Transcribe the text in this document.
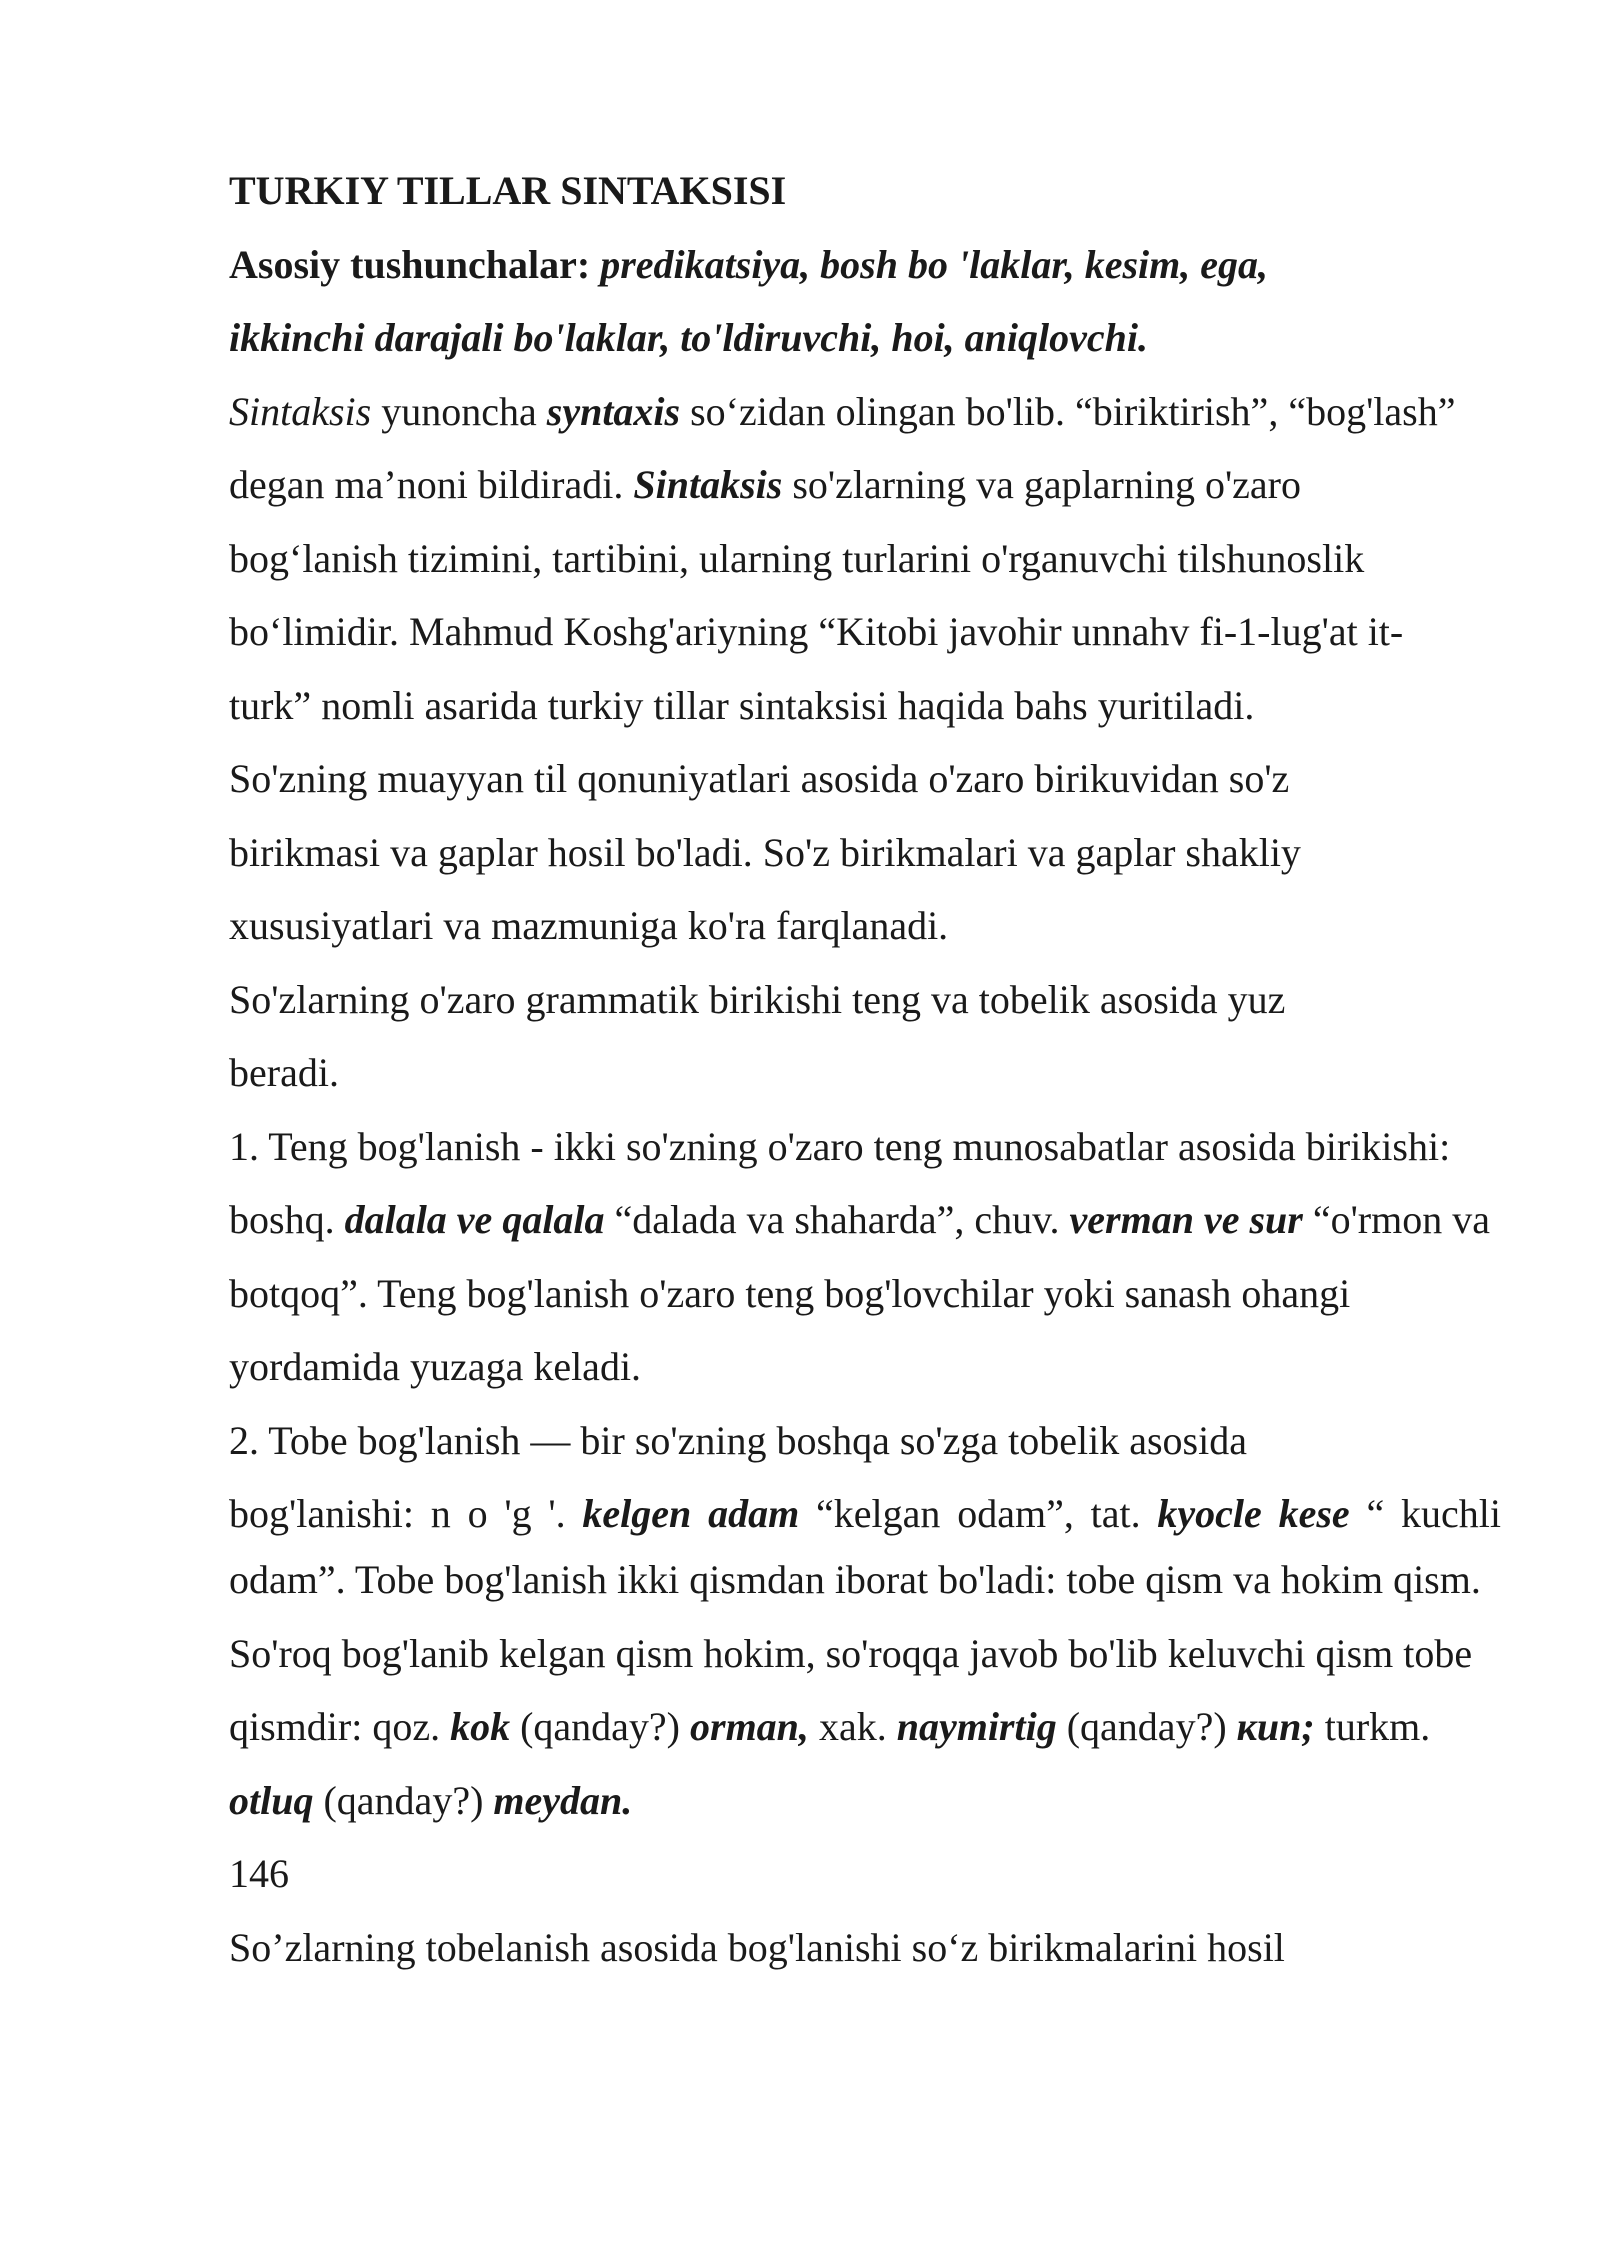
TURKIY TILLAR SINTAKSISI

Asosiy tushunchalar: predikatsiya, bosh bo 'laklar, kesim, ega,
ikkinchi darajali bo'laklar, to'ldiruvchi, hoi, aniqlovchi.

Sintaksis yunoncha syntaxis so‘zidan olingan bo'lib. “biriktirish”, “bog'lash” degan ma’noni bildiradi. Sintaksis so'zlarning va gaplarning o'zaro bog‘lanish tizimini, tartibini, ularning turlarini o'rganuvchi tilshunoslik bo‘limidir. Mahmud Koshg'ariyning “Kitobi javohir unnahv fi-1-lug'at it-turk” nomli asarida turkiy tillar sintaksisi haqida bahs yuritiladi.

So'zning muayyan til qonuniyatlari asosida o'zaro birikuvidan so'z birikmasi va gaplar hosil bo'ladi. So'z birikmalari va gaplar shakliy xususiyatlari va mazmuniga ko'ra farqlanadi.

So'zlarning o'zaro grammatik birikishi teng va tobelik asosida yuz beradi.

1. Teng bog'lanish - ikki so'zning o'zaro teng munosabatlar asosida birikishi: boshq. dalala ve qalala “dalada va shaharda”, chuv. verman ve sur “o'rmon va botqoq”. Teng bog'lanish o'zaro teng bog'lovchilar yoki sanash ohangi yordamida yuzaga keladi.

2. Tobe bog'lanish — bir so'zning boshqa so'zga tobelik asosida

bog'lanishi: n o 'g '. kelgen adam “kelgan odam”, tat. kyocle kese “ kuchli

odam”. Tobe bog'lanish ikki qismdan iborat bo'ladi: tobe qism va hokim qism. So'roq bog'lanib kelgan qism hokim, so'roqqa javob bo'lib keluvchi qism tobe qismdir: qoz. kok (qanday?) orman, xak. naymirtig (qanday?) кun; turkm. otluq (qanday?) meydan.

146

So’zlarning tobelanish asosida bog'lanishi so‘z birikmalarini hosil
